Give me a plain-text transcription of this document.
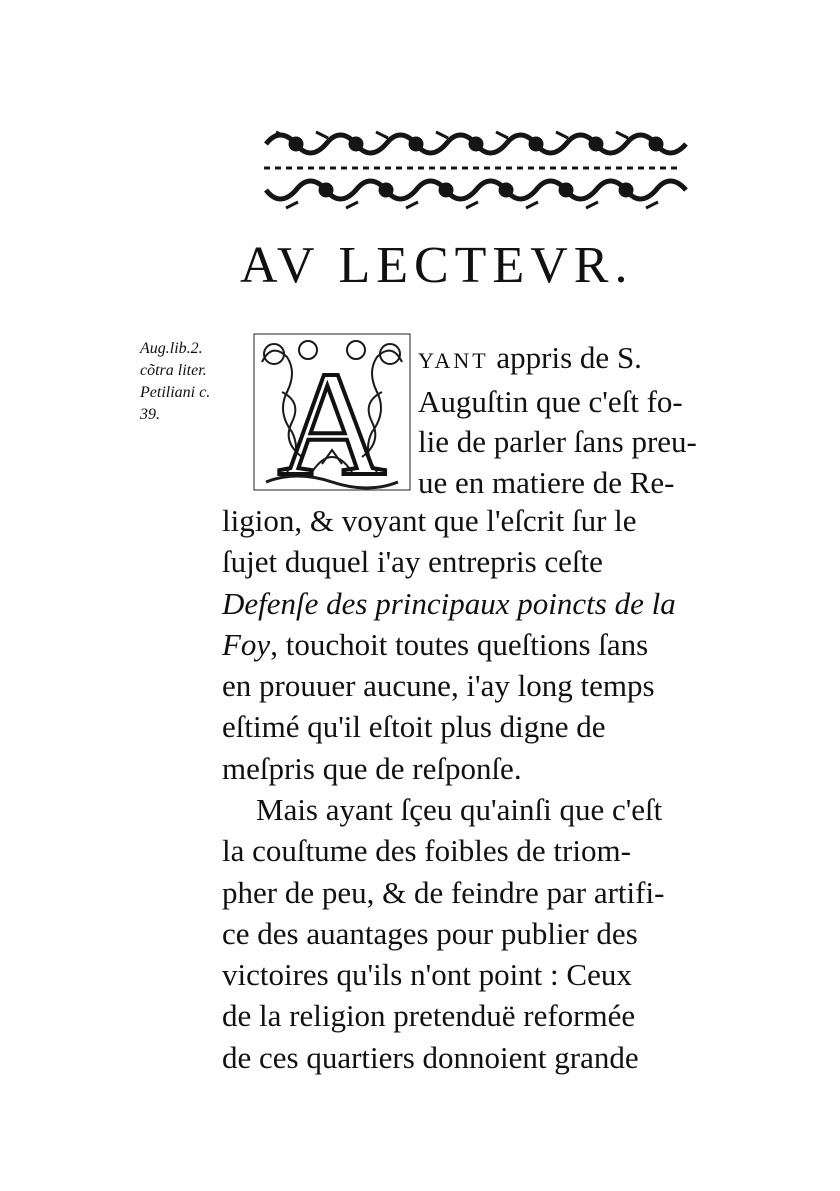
AV LECTEVR.
Aug.lib.2.
cõtra liter.
Petiliani c.
39. A YANT appris de S.
Auguſtin que c'eſt fo-
lie de parler ſans preu-
ue en matiere de Re-
ligion, & voyant que l'eſcrit ſur le
ſujet duquel i'ay entrepris ceſte
Defenſe des principaux poincts de la
Foy, touchoit toutes queſtions ſans
en prouuer aucune, i'ay long temps
eſtimé qu'il eſtoit plus digne de
meſpris que de reſponſe.
Mais ayant ſçeu qu'ainſi que c'eſt
la couſtume des foibles de triom-
pher de peu, & de feindre par artifi-
ce des auantages pour publier des
victoires qu'ils n'ont point : Ceux
de la religion pretenduë reformée
de ces quartiers donnoient grande
